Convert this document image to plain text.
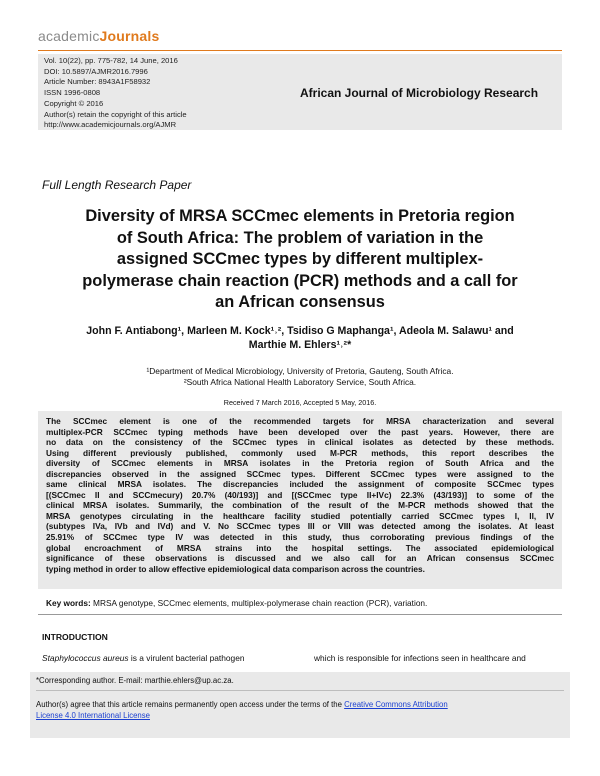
academicJournals
Vol. 10(22), pp. 775-782, 14 June, 2016
DOI: 10.5897/AJMR2016.7996
Article Number: 8943A1F58932
ISSN 1996-0808
Copyright © 2016
Author(s) retain the copyright of this article
http://www.academicjournals.org/AJMR
African Journal of Microbiology Research
Full Length Research Paper
Diversity of MRSA SCCmec elements in Pretoria region
of South Africa: The problem of variation in the
assigned SCCmec types by different multiplex-
polymerase chain reaction (PCR) methods and a call for
an African consensus
John F. Antiabong¹, Marleen M. Kock¹˒², Tsidiso G Maphanga¹, Adeola M. Salawu¹ and
Marthie M. Ehlers¹˒²*
¹Department of Medical Microbiology, University of Pretoria, Gauteng, South Africa.
²South Africa National Health Laboratory Service, South Africa.
Received 7 March 2016, Accepted 5 May, 2016.
The SCCmec element is one of the recommended targets for MRSA characterization and several
multiplex-PCR SCCmec typing methods have been developed over the past years. However, there are
no data on the consistency of the SCCmec types in clinical isolates as detected by these methods.
Using different previously published, commonly used M-PCR methods, this report describes the
diversity of SCCmec elements in MRSA isolates in the Pretoria region of South Africa and the
discrepancies observed in the assigned SCCmec types. Different SCCmec types were assigned to the
same clinical MRSA isolates. The discrepancies included the assignment of composite SCCmec types
[(SCCmec II and SCCmecury) 20.7% (40/193)] and [(SCCmec type II+IVc) 22.3% (43/193)] to some of the
clinical MRSA isolates. Summarily, the combination of the result of the M-PCR methods showed that the
MRSA genotypes circulating in the healthcare facility studied potentially carried SCCmec types I, II, IV
(subtypes IVa, IVb and IVd) and V. No SCCmec types III or VIII was detected among the isolates. At least
25.91% of SCCmec type IV was detected in this study, thus corroborating previous findings of the
global encroachment of MRSA strains into the hospital settings. The associated epidemiological
significance of these observations is discussed and we also call for an African consensus SCCmec
typing method in order to allow effective epidemiological data comparison across the countries.
Key words: MRSA genotype, SCCmec elements, multiplex-polymerase chain reaction (PCR), variation.
INTRODUCTION
Staphylococcus aureus is a virulent bacterial pathogen	which is responsible for infections seen in healthcare and
*Corresponding author. E-mail: marthie.ehlers@up.ac.za.
Author(s) agree that this article remains permanently open access under the terms of the Creative Commons Attribution
License 4.0 International License
